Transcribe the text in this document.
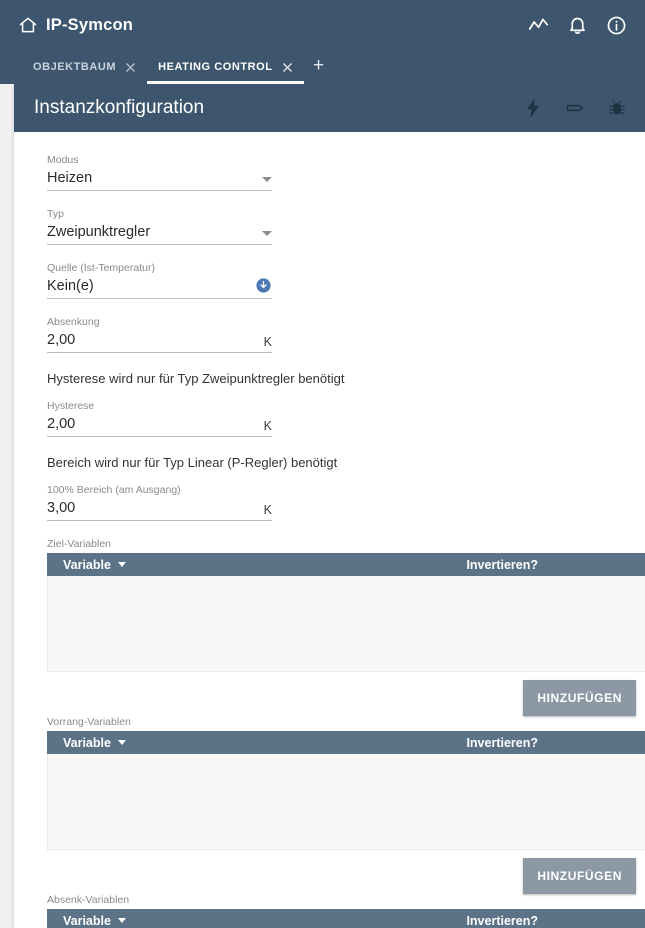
IP-Symcon
OBJEKTBAUM	HEATING CONTROL	+
Instanzkonfiguration
Modus
Heizen
Typ
Zweipunktregler
Quelle (Ist-Temperatur)
Kein(e)
Absenkung
2,00	K
Hysterese wird nur für Typ Zweipunktregler benötigt
Hysterese
2,00	K
Bereich wird nur für Typ Linear (P-Regler) benötigt
100% Bereich (am Ausgang)
3,00	K
Ziel-Variablen
Variable	Invertieren?
HINZUFÜGEN
Vorrang-Variablen
Variable	Invertieren?
HINZUFÜGEN
Absenk-Variablen
Variable	Invertieren?
